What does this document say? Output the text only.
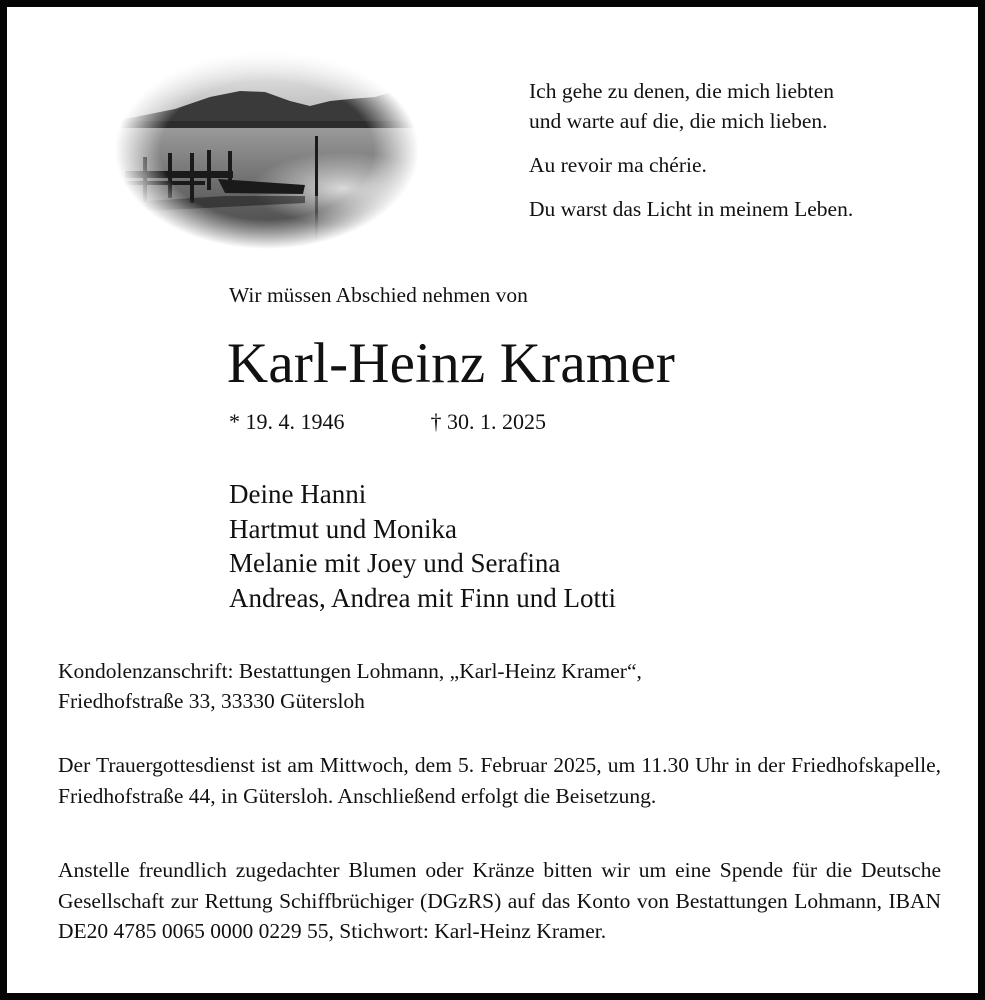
Ich gehe zu denen, die mich liebten
und warte auf die, die mich lieben.

Au revoir ma chérie.

Du warst das Licht in meinem Leben.

Wir müssen Abschied nehmen von
Karl-Heinz Kramer
* 19. 4. 1946	† 30. 1. 2025
Deine Hanni
Hartmut und Monika
Melanie mit Joey und Serafina
Andreas, Andrea mit Finn und Lotti
Kondolenzanschrift: Bestattungen Lohmann, „Karl-Heinz Kramer“,
Friedhofstraße 33, 33330 Gütersloh
Der Trauergottesdienst ist am Mittwoch, dem 5. Februar 2025, um 11.30 Uhr in der Friedhofskapelle, Friedhofstraße 44, in Gütersloh. Anschließend erfolgt die Beisetzung.
Anstelle freundlich zugedachter Blumen oder Kränze bitten wir um eine Spende für die Deutsche Gesellschaft zur Rettung Schiffbrüchiger (DGzRS) auf das Konto von Bestattungen Lohmann, IBAN DE20 4785 0065 0000 0229 55, Stichwort: Karl-Heinz Kramer.
